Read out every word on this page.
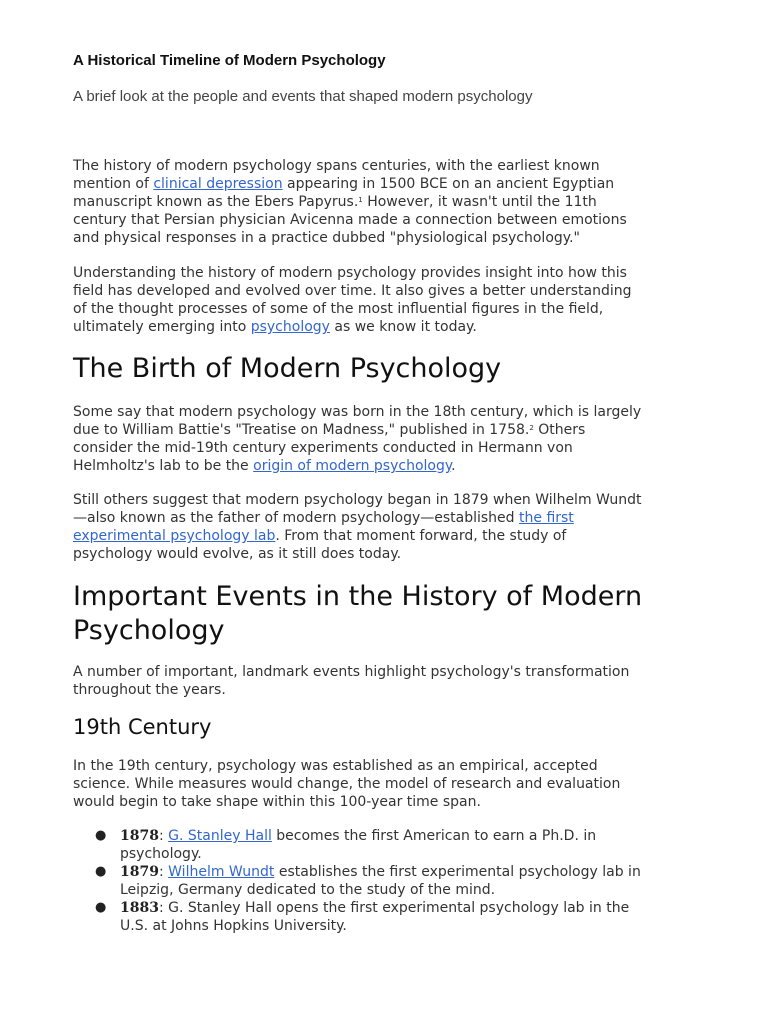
A Historical Timeline of Modern Psychology

A brief look at the people and events that shaped modern psychology

The history of modern psychology spans centuries, with the earliest known
mention of clinical depression appearing in 1500 BCE on an ancient Egyptian
manuscript known as the Ebers Papyrus.$^1$ However, it wasn't until the 11th
century that Persian physician Avicenna made a connection between emotions
and physical responses in a practice dubbed "physiological psychology."

Understanding the history of modern psychology provides insight into how this
field has developed and evolved over time. It also gives a better understanding
of the thought processes of some of the most influential figures in the field,
ultimately emerging into psychology as we know it today.

The Birth of Modern Psychology

Some say that modern psychology was born in the 18th century, which is largely
due to William Battie's "Treatise on Madness," published in 1758.$^2$ Others
consider the mid-19th century experiments conducted in Hermann von
Helmholtz's lab to be the origin of modern psychology.

Still others suggest that modern psychology began in 1879 when Wilhelm Wundt
—also known as the father of modern psychology—established the first
experimental psychology lab. From that moment forward, the study of
psychology would evolve, as it still does today.

Important Events in the History of Modern
Psychology

A number of important, landmark events highlight psychology's transformation
throughout the years.

19th Century

In the 19th century, psychology was established as an empirical, accepted
science. While measures would change, the model of research and evaluation
would begin to take shape within this 100-year time span.

● 1878: G. Stanley Hall becomes the first American to earn a Ph.D. in
psychology.
● 1879: Wilhelm Wundt establishes the first experimental psychology lab in
Leipzig, Germany dedicated to the study of the mind.
● 1883: G. Stanley Hall opens the first experimental psychology lab in the
U.S. at Johns Hopkins University.
